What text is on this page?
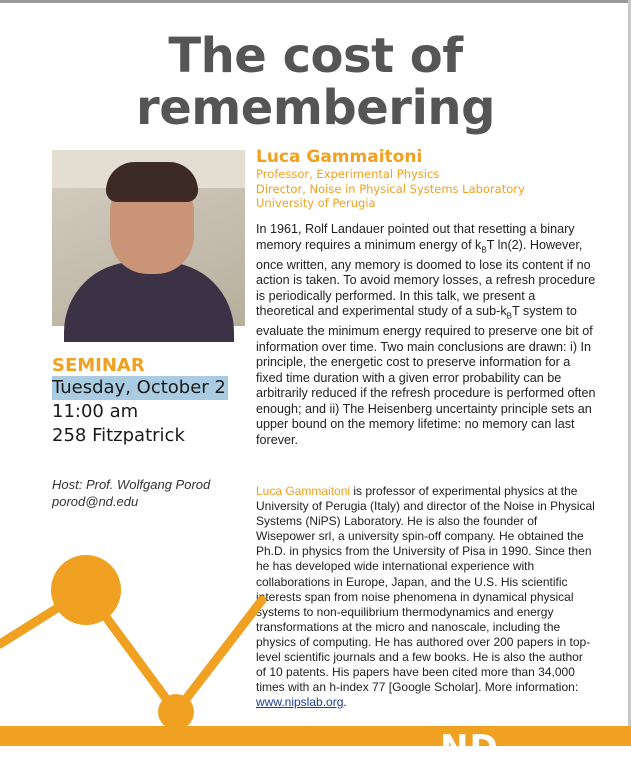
The cost of
remembering
Luca Gammaitoni
Professor, Experimental Physics
Director, Noise in Physical Systems Laboratory
University of Perugia
In 1961, Rolf Landauer pointed out that resetting a binary memory requires a minimum energy of $k_BT$ ln(2). However, once written, any memory is doomed to lose its content if no action is taken. To avoid memory losses, a refresh procedure is periodically performed. In this talk, we present a theoretical and experimental study of a sub-$k_BT$ system to evaluate the minimum energy required to preserve one bit of information over time. Two main conclusions are drawn: i) In principle, the energetic cost to preserve information for a fixed time duration with a given error probability can be arbitrarily reduced if the refresh procedure is performed often enough; and ii) The Heisenberg uncertainty principle sets an upper bound on the memory lifetime: no memory can last forever.
SEMINAR
Tuesday, October 2
11:00 am
258 Fitzpatrick
Host: Prof. Wolfgang Porod
porod@nd.edu
Luca Gammaitoni is professor of experimental physics at the University of Perugia (Italy) and director of the Noise in Physical Systems (NiPS) Laboratory. He is also the founder of Wisepower srl, a university spin-off company. He obtained the Ph.D. in physics from the University of Pisa in 1990. Since then he has developed wide international experience with collaborations in Europe, Japan, and the U.S. His scientific interests span from noise phenomena in dynamical physical systems to non-equilibrium thermodynamics and energy transformations at the micro and nanoscale, including the physics of computing. He has authored over 200 papers in top-level scientific journals and a few books. He is also the author of 10 patents. His papers have been cited more than 34,000 times with an h-index 77 [Google Scholar]. More information: www.nipslab.org.
ND
